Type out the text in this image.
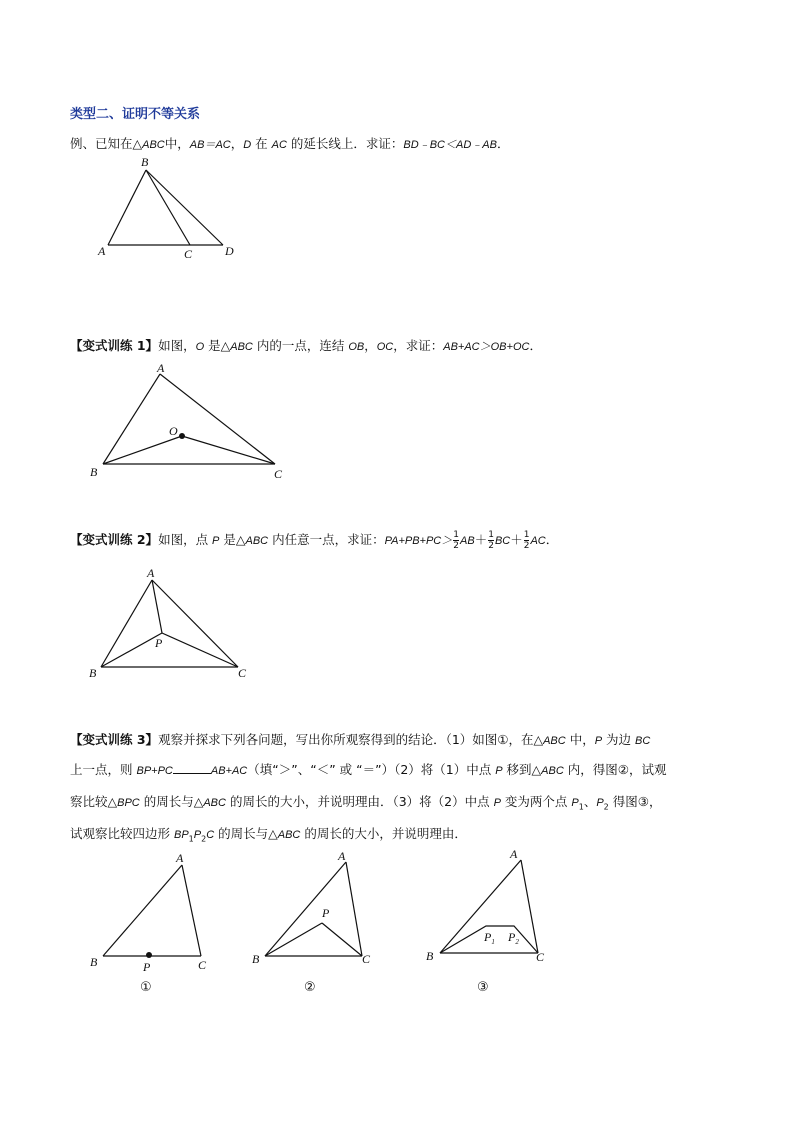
类型二、证明不等关系
例、已知在△ABC中，AB＝AC，D 在 AC 的延长线上．求证：BD﹣BC＜AD﹣AB．
B
A	C	D
【变式训练 1】如图，O 是△ABC 内的一点，连结 OB，OC，求证：AB+AC＞OB+OC．
A
O
B	C
【变式训练 2】如图，点 P 是△ABC 内任意一点，求证：$PA+PB+PC> \frac{1}{2} AB+ \frac{1}{2} BC+ \frac{1}{2}$ AC．
A
P
B	C
【变式训练 3】观察并探求下列各问题，写出你所观察得到的结论．（1）如图①，在△ABC 中，P 为边 BC
上一点，则 BP+PC	AB+AC（填“＞”、“＜” 或 “＝”）（2）将（1）中点 P 移到△ABC 内，得图②，试观
察比较△BPC 的周长与△ABC 的周长的大小，并说明理由．（3）将（2）中点 P 变为两个点 $P_1$、$P_2$ 得图③，
试观察比较四边形 $BP_1P_2C$ 的周长与△ABC 的周长的大小，并说明理由．
A
B	C
P
①
A
P
B	C
②
A
$P_1$ $P_2$
B	C
③
